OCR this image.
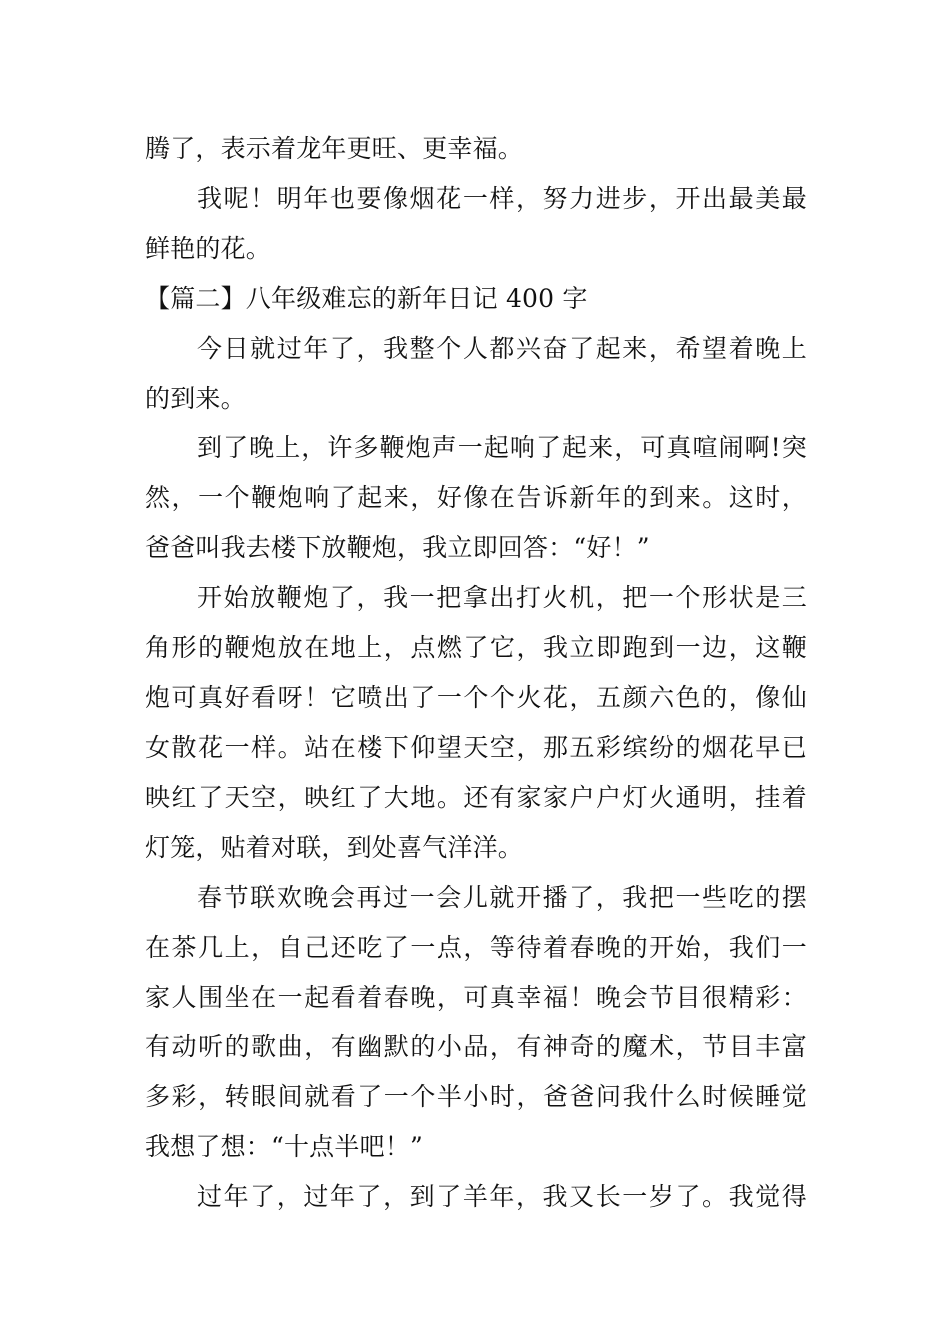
腾了，表示着龙年更旺、更幸福。
我呢！明年也要像烟花一样，努力进步，开出最美最
鲜艳的花。
【篇二】八年级难忘的新年日记 400 字
今日就过年了，我整个人都兴奋了起来，希望着晚上
的到来。
到了晚上，许多鞭炮声一起响了起来，可真喧闹啊!突
然，一个鞭炮响了起来，好像在告诉新年的到来。这时，
爸爸叫我去楼下放鞭炮，我立即回答：“好！”
开始放鞭炮了，我一把拿出打火机，把一个形状是三
角形的鞭炮放在地上，点燃了它，我立即跑到一边，这鞭
炮可真好看呀！它喷出了一个个火花，五颜六色的，像仙
女散花一样。站在楼下仰望天空，那五彩缤纷的烟花早已
映红了天空，映红了大地。还有家家户户灯火通明，挂着
灯笼，贴着对联，到处喜气洋洋。
春节联欢晚会再过一会儿就开播了，我把一些吃的摆
在茶几上，自己还吃了一点，等待着春晚的开始，我们一
家人围坐在一起看着春晚，可真幸福！晚会节目很精彩：
有动听的歌曲，有幽默的小品，有神奇的魔术，节目丰富
多彩，转眼间就看了一个半小时，爸爸问我什么时候睡觉
我想了想：“十点半吧！”
过年了，过年了，到了羊年，我又长一岁了。我觉得
